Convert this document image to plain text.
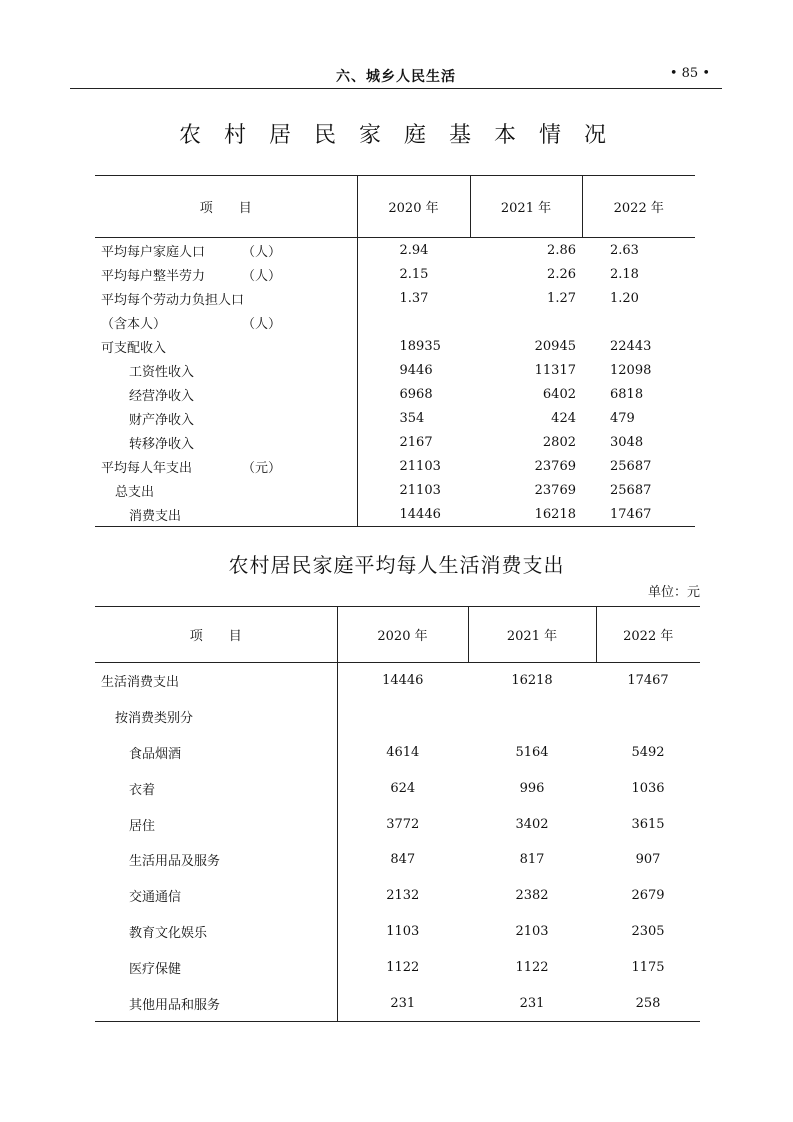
六、城乡人民生活	• 85 •
农 村 居 民 家 庭 基 本 情 况
项　　目	2020 年	2021 年	2022 年
平均每户家庭人口 （人）	2.94	2.86	2.63
平均每户整半劳力 （人）	2.15	2.26	2.18
平均每个劳动力负担人口	1.37	1.27	1.20
（含本人） （人）			

可支配收入	18935	20945	22443
工资性收入	9446	11317	12098
经营净收入	6968	6402	6818
财产净收入	354	424	479
转移净收入	2167	2802	3048
平均每人年支出 （元）	21103	23769	25687
总支出	21103	23769	25687
消费支出	14446	16218	17467
农村居民家庭平均每人生活消费支出
单位：元
项　　目	2020 年	2021 年	2022 年
生活消费支出	14446	16218	17467
按消费类别分			
食品烟酒	4614	5164	5492
衣着	624	996	1036
居住	3772	3402	3615
生活用品及服务	847	817	907
交通通信	2132	2382	2679
教育文化娱乐	1103	2103	2305
医疗保健	1122	1122	1175
其他用品和服务	231	231	258
